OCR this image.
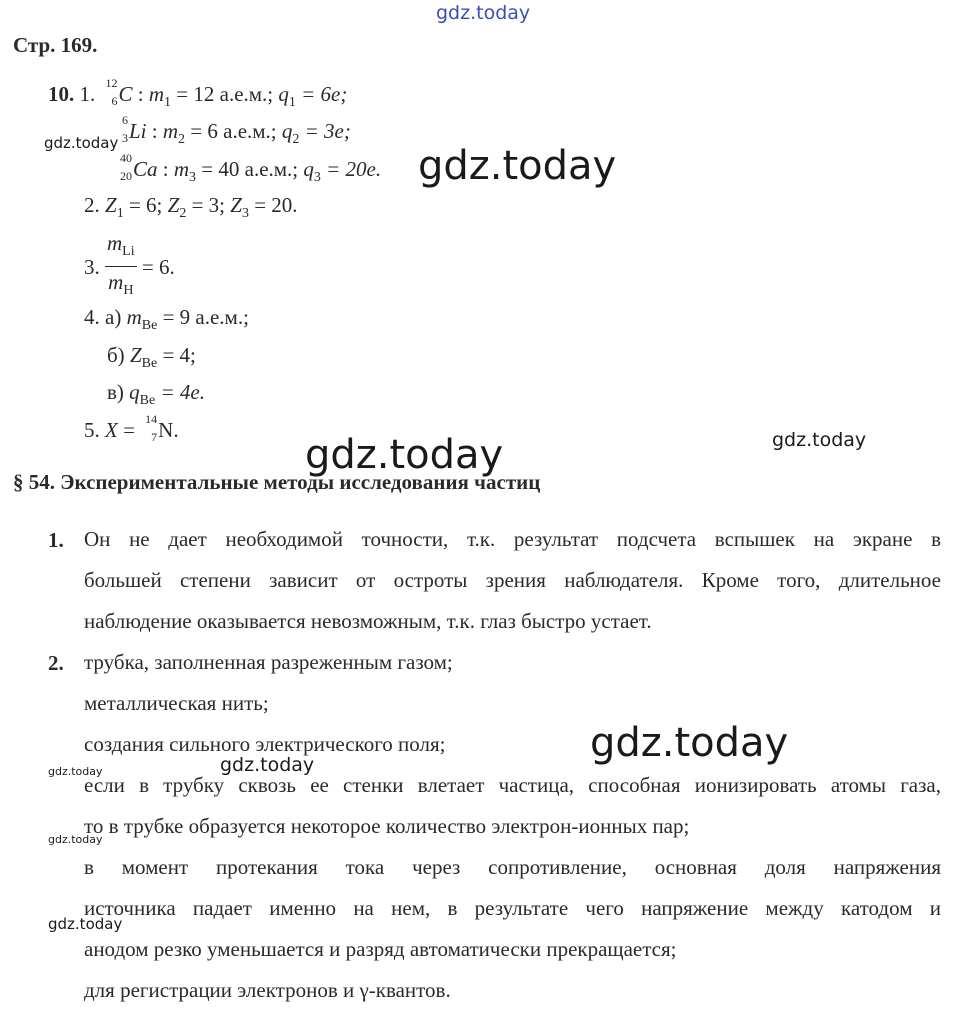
gdz.today
gdz.today	gdz.today
gdz.today	gdz.today
gdz.today
gdz.today
gdz.today
gdz.today
gdz.today
Стр. 169.
10. 1. 12
6 C : $m_1 = 12$ а.е.м.; $q_1 = 6e$;
6
3 Li : $m_2 = 6$ а.е.м.; $q_2 = 3e$;
40
20 Ca : $m_3 = 40$ а.е.м.; $q_3 = 20e$.
2. $Z_1 = 6$; $Z_2 = 3$; $Z_3 = 20$.
3. $\frac{m_{Li}}{m_H} = 6$.
4. а) $m_{Be} = 9$ а.е.м.;
б) $Z_{Be} = 4$;
в) $q_{Be} = 4e$.
5. X = 14
7 N.
§ 54. Экспериментальные методы исследования частиц
1. Он не дает необходимой точности, т.к. результат подсчета вспышек на экране в
большей степени зависит от остроты зрения наблюдателя. Кроме того, длительное
наблюдение оказывается невозможным, т.к. глаз быстро устает.
2. трубка, заполненная разреженным газом;
металлическая нить;
создания сильного электрического поля;
если в трубку сквозь ее стенки влетает частица, способная ионизировать атомы газа,
то в трубке образуется некоторое количество электрон-ионных пар;
в момент протекания тока через сопротивление, основная доля напряжения
источника падает именно на нем, в результате чего напряжение между катодом и
анодом резко уменьшается и разряд автоматически прекращается;
для регистрации электронов и γ-квантов.
